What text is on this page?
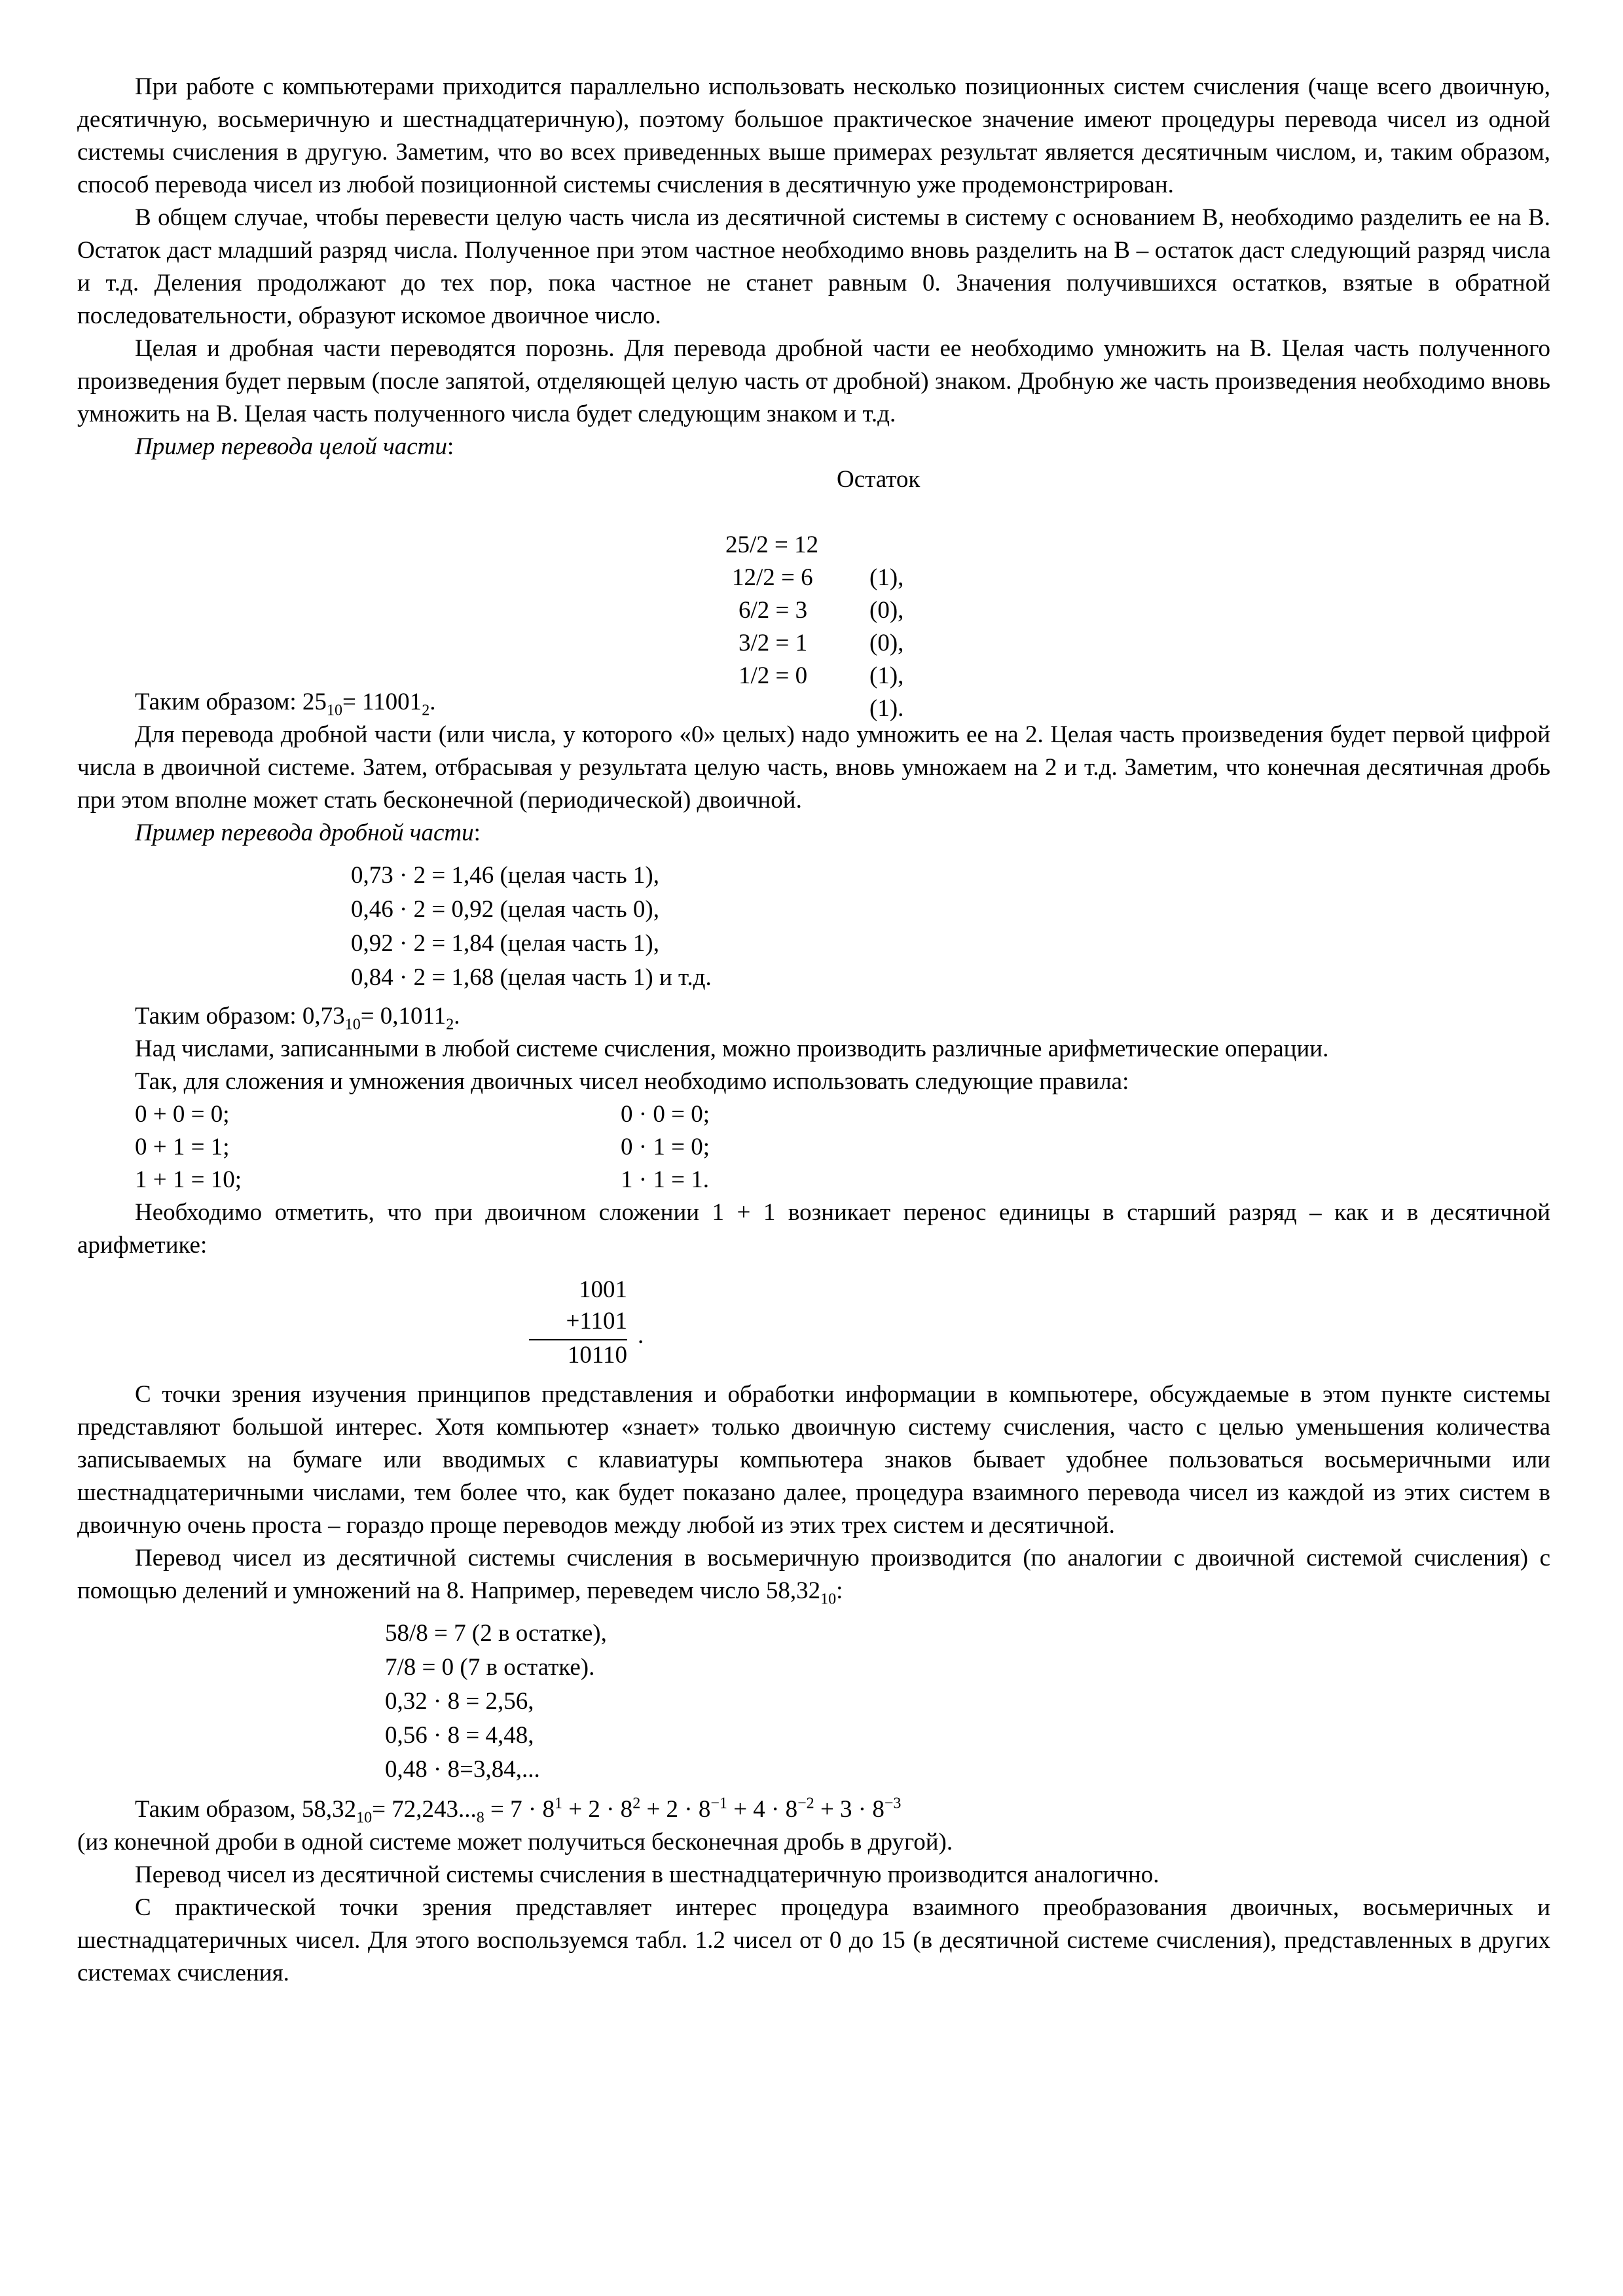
При работе с компьютерами приходится параллельно использовать несколько позиционных систем счисления (чаще всего двоичную, десятичную, восьмеричную и шестнадцатеричную), поэтому большое практическое значение имеют процедуры перевода чисел из одной системы счисления в другую. Заметим, что во всех приведенных выше примерах результат является десятичным числом, и, таким образом, способ перевода чисел из любой позиционной системы счисления в десятичную уже продемонстрирован.

В общем случае, чтобы перевести целую часть числа из десятичной системы в систему с основанием B, необходимо разделить ее на B. Остаток даст младший разряд числа. Полученное при этом частное необходимо вновь разделить на B – остаток даст следующий разряд числа и т.д. Деления продолжают до тех пор, пока частное не станет равным 0. Значения получившихся остатков, взятые в обратной последовательности, образуют искомое двоичное число.

Целая и дробная части переводятся порознь. Для перевода дробной части ее необходимо умножить на B. Целая часть полученного произведения будет первым (после запятой, отделяющей целую часть от дробной) знаком. Дробную же часть произведения необходимо вновь умножить на B. Целая часть полученного числа будет следующим знаком и т.д.

Пример перевода целой части:

Остаток

25/2 = 12

(1),

12/2 = 6

(0),

6/2 = 3

(0),

3/2 = 1

(1),

1/2 = 0

(1).

Таким образом: $25_{10}= 11001_2$.

Для перевода дробной части (или числа, у которого «0» целых) надо умножить ее на 2. Целая часть произведения будет первой цифрой числа в двоичной системе. Затем, отбрасывая у результата целую часть, вновь умножаем на 2 и т.д. Заметим, что конечная десятичная дробь при этом вполне может стать бесконечной (периодической) двоичной.

Пример перевода дробной части:

0,73 · 2 = 1,46 (целая часть 1),
0,46 · 2 = 0,92 (целая часть 0),
0,92 · 2 = 1,84 (целая часть 1),
0,84 · 2 = 1,68 (целая часть 1) и т.д.

Таким образом: $0,73_{10}= 0,1011_2$.

Над числами, записанными в любой системе счисления, можно производить различные арифметические операции.

Так, для сложения и умножения двоичных чисел необходимо использовать следующие правила:

0 + 0 = 0;
0 + 1 = 1;
1 + 1 = 10;
0 · 0 = 0;
0 · 1 = 0;
1 · 1 = 1.

Необходимо отметить, что при двоичном сложении 1 + 1 возникает перенос единицы в старший разряд – как и в десятичной арифметике:

1001
+1101
10110
.

С точки зрения изучения принципов представления и обработки информации в компьютере, обсуждаемые в этом пункте системы представляют большой интерес. Хотя компьютер «знает» только двоичную систему счисления, часто с целью уменьшения количества записываемых на бумаге или вводимых с клавиатуры компьютера знаков бывает удобнее пользоваться восьмеричными или шестнадцатеричными числами, тем более что, как будет показано далее, процедура взаимного перевода чисел из каждой из этих систем в двоичную очень проста – гораздо проще переводов между любой из этих трех систем и десятичной.

Перевод чисел из десятичной системы счисления в восьмеричную производится (по аналогии с двоичной системой счисления) с помощью делений и умножений на 8. Например, переведем число $58,32_{10}$:

58/8 = 7 (2 в остатке),
7/8 = 0 (7 в остатке).
0,32 · 8 = 2,56,
0,56 · 8 = 4,48,
0,48 · 8=3,84,...

Таким образом, $58,32_{10}= 72,243..._8 = 7 \cdot 8^1 + 2 \cdot 8^2 + 2 \cdot 8^{-1} + 4 \cdot 8^{-2} + 3 \cdot 8^{-3}$

(из конечной дроби в одной системе может получиться бесконечная дробь в другой).

Перевод чисел из десятичной системы счисления в шестнадцатеричную производится аналогично.

С практической точки зрения представляет интерес процедура взаимного преобразования двоичных, восьмеричных и шестнадцатеричных чисел. Для этого воспользуемся табл. 1.2 чисел от 0 до 15 (в десятичной системе счисления), представленных в других системах счисления.
